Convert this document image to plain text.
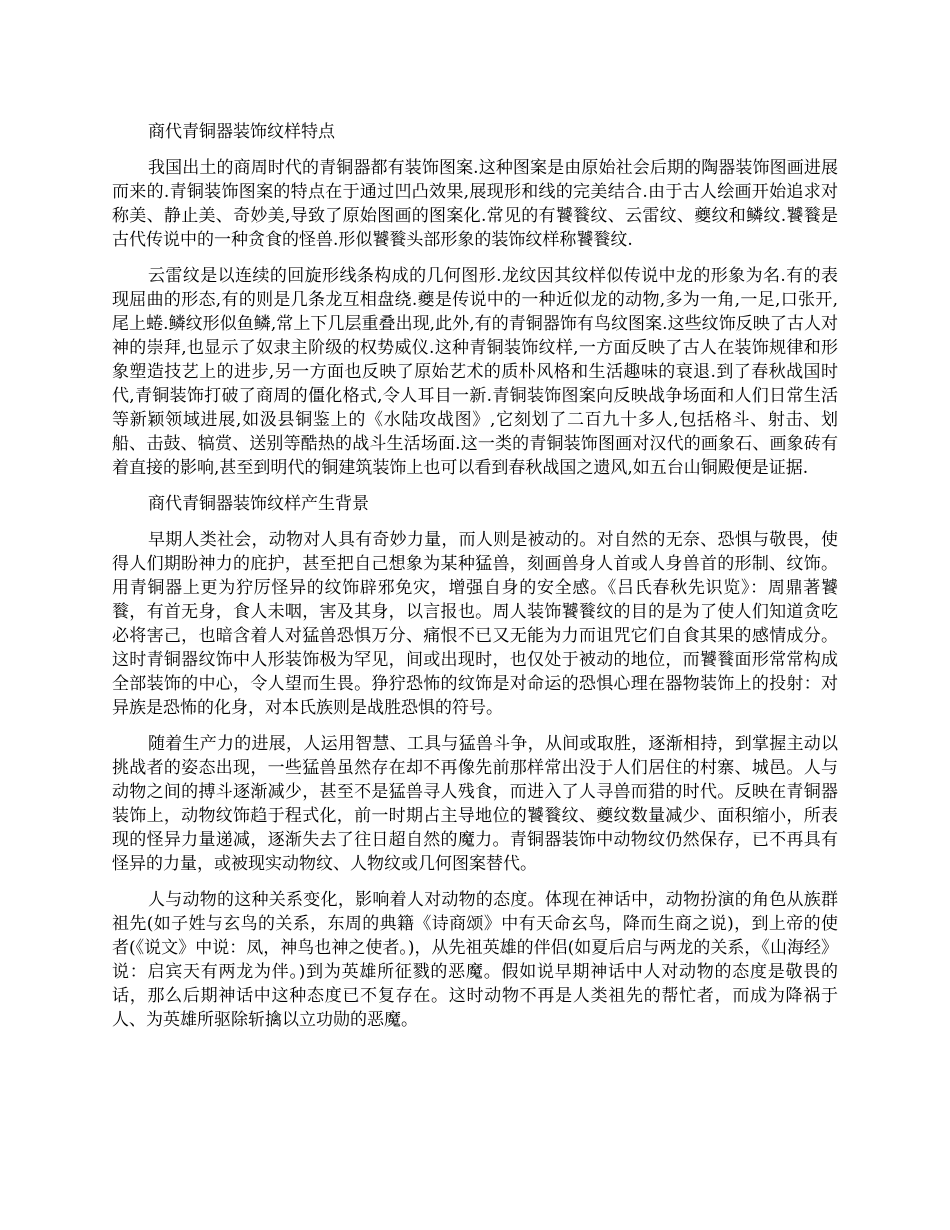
商代青铜器装饰纹样特点
我国出土的商周时代的青铜器都有装饰图案.这种图案是由原始社会后期的陶器装饰图画进展而来的.青铜装饰图案的特点在于通过凹凸效果,展现形和线的完美结合.由于古人绘画开始追求对称美、静止美、奇妙美,导致了原始图画的图案化.常见的有饕餮纹、云雷纹、夔纹和鳞纹.饕餮是古代传说中的一种贪食的怪兽.形似饕餮头部形象的装饰纹样称饕餮纹.
云雷纹是以连续的回旋形线条构成的几何图形.龙纹因其纹样似传说中龙的形象为名.有的表现屈曲的形态,有的则是几条龙互相盘绕.夔是传说中的一种近似龙的动物,多为一角,一足,口张开,尾上蜷.鳞纹形似鱼鳞,常上下几层重叠出现,此外,有的青铜器饰有鸟纹图案.这些纹饰反映了古人对神的崇拜,也显示了奴隶主阶级的权势威仪.这种青铜装饰纹样,一方面反映了古人在装饰规律和形象塑造技艺上的进步,另一方面也反映了原始艺术的质朴风格和生活趣味的衰退.到了春秋战国时代,青铜装饰打破了商周的僵化格式,令人耳目一新.青铜装饰图案向反映战争场面和人们日常生活等新颖领域进展,如汲县铜鉴上的《水陆攻战图》,它刻划了二百九十多人,包括格斗、射击、划船、击鼓、犒赏、送别等酷热的战斗生活场面.这一类的青铜装饰图画对汉代的画象石、画象砖有着直接的影响,甚至到明代的铜建筑装饰上也可以看到春秋战国之遗风,如五台山铜殿便是证据.
商代青铜器装饰纹样产生背景
早期人类社会，动物对人具有奇妙力量，而人则是被动的。对自然的无奈、恐惧与敬畏，使得人们期盼神力的庇护，甚至把自己想象为某种猛兽，刻画兽身人首或人身兽首的形制、纹饰。用青铜器上更为狞厉怪异的纹饰辟邪免灾，增强自身的安全感。《吕氏春秋先识览》：周鼎著饕餮，有首无身，食人未咽，害及其身，以言报也。周人装饰饕餮纹的目的是为了使人们知道贪吃必将害己，也暗含着人对猛兽恐惧万分、痛恨不已又无能为力而诅咒它们自食其果的感情成分。这时青铜器纹饰中人形装饰极为罕见，间或出现时，也仅处于被动的地位，而饕餮面形常常构成全部装饰的中心，令人望而生畏。狰狞恐怖的纹饰是对命运的恐惧心理在器物装饰上的投射：对异族是恐怖的化身，对本氏族则是战胜恐惧的符号。
随着生产力的进展，人运用智慧、工具与猛兽斗争，从间或取胜，逐渐相持，到掌握主动以挑战者的姿态出现，一些猛兽虽然存在却不再像先前那样常出没于人们居住的村寨、城邑。人与动物之间的搏斗逐渐减少，甚至不是猛兽寻人残食，而进入了人寻兽而猎的时代。反映在青铜器装饰上，动物纹饰趋于程式化，前一时期占主导地位的饕餮纹、夔纹数量减少、面积缩小，所表现的怪异力量递减，逐渐失去了往日超自然的魔力。青铜器装饰中动物纹仍然保存，已不再具有怪异的力量，或被现实动物纹、人物纹或几何图案替代。
人与动物的这种关系变化，影响着人对动物的态度。体现在神话中，动物扮演的角色从族群祖先(如子姓与玄鸟的关系，东周的典籍《诗商颂》中有天命玄鸟，降而生商之说)，到上帝的使者(《说文》中说：凤，神鸟也神之使者。)，从先祖英雄的伴侣(如夏后启与两龙的关系，《山海经》说：启宾天有两龙为伴。)到为英雄所征戮的恶魔。假如说早期神话中人对动物的态度是敬畏的话，那么后期神话中这种态度已不复存在。这时动物不再是人类祖先的帮忙者，而成为降祸于人、为英雄所驱除斩擒以立功勋的恶魔。
